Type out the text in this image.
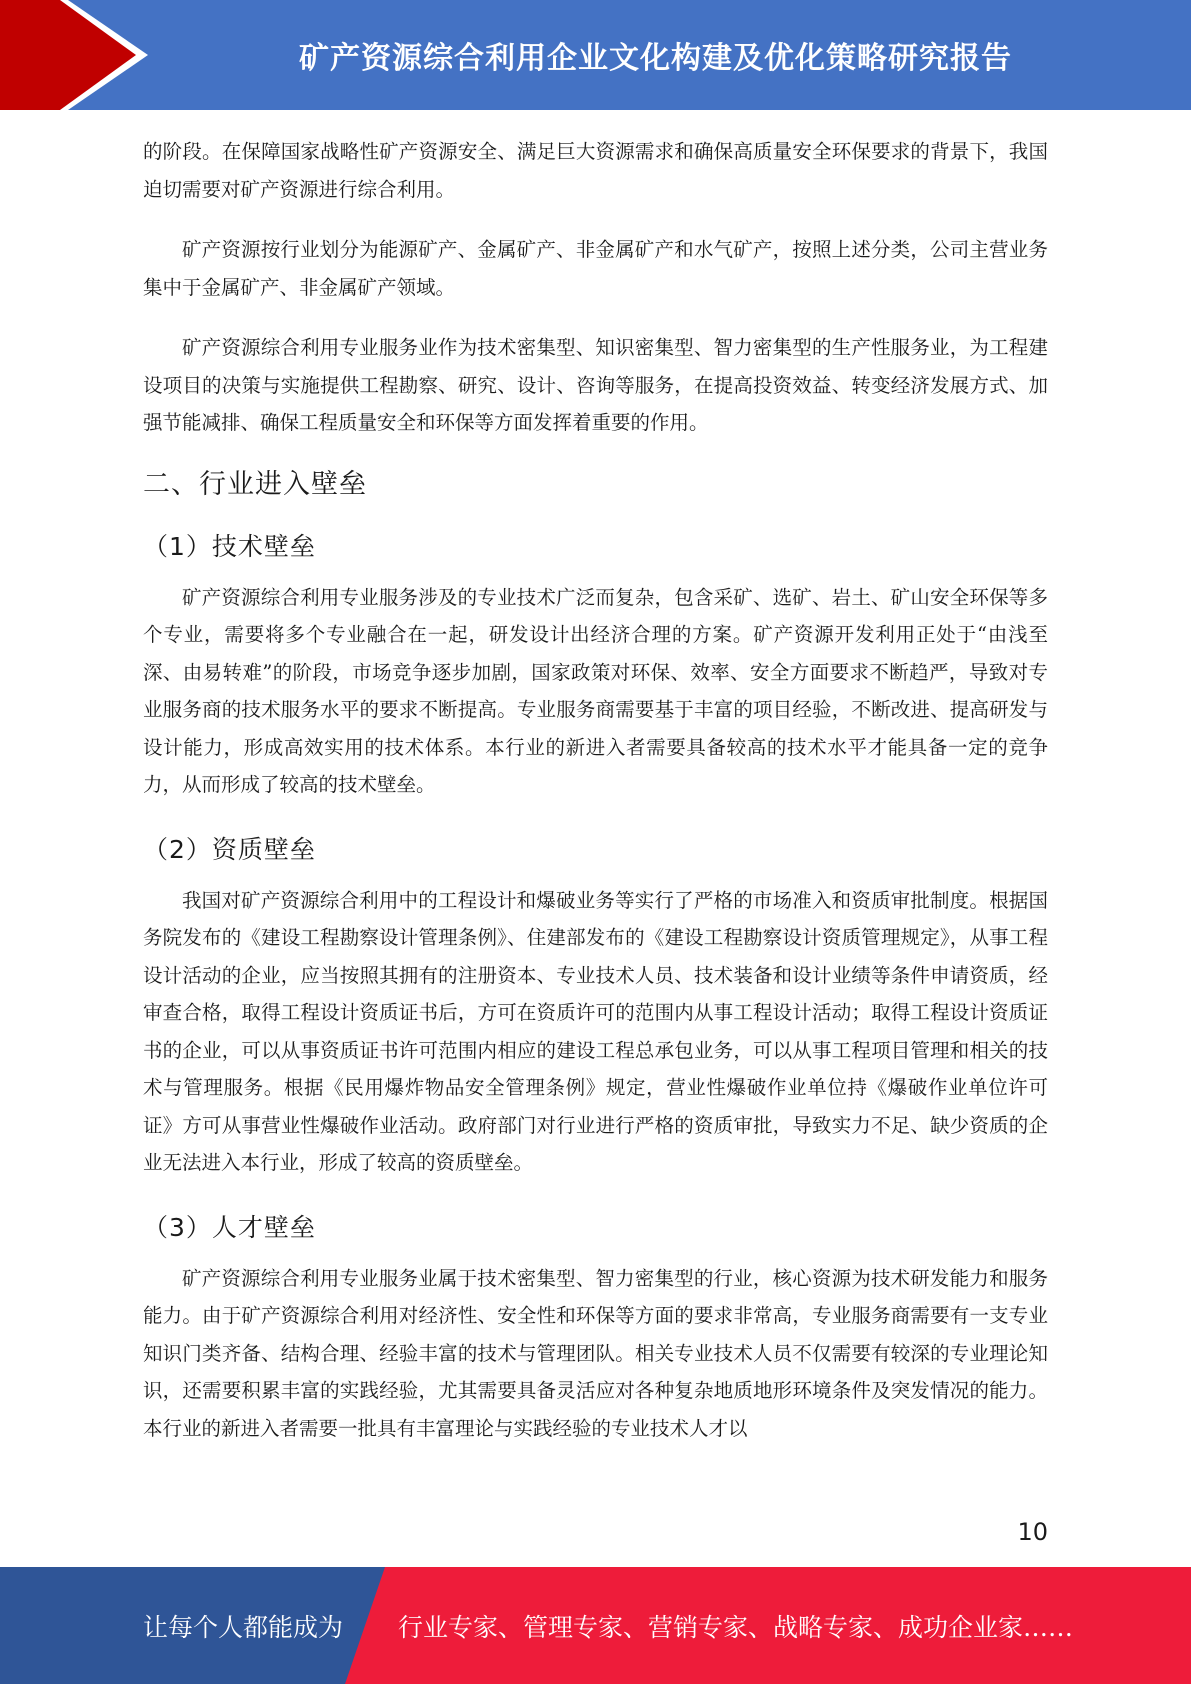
矿产资源综合利用企业文化构建及优化策略研究报告

的阶段。在保障国家战略性矿产资源安全、满足巨大资源需求和确保高质量安全环保要求的背景下，我国迫切需要对矿产资源进行综合利用。

矿产资源按行业划分为能源矿产、金属矿产、非金属矿产和水气矿产，按照上述分类，公司主营业务集中于金属矿产、非金属矿产领域。

矿产资源综合利用专业服务业作为技术密集型、知识密集型、智力密集型的生产性服务业，为工程建设项目的决策与实施提供工程勘察、研究、设计、咨询等服务，在提高投资效益、转变经济发展方式、加强节能减排、确保工程质量安全和环保等方面发挥着重要的作用。

二、行业进入壁垒
（1）技术壁垒

矿产资源综合利用专业服务涉及的专业技术广泛而复杂，包含采矿、选矿、岩土、矿山安全环保等多个专业，需要将多个专业融合在一起，研发设计出经济合理的方案。矿产资源开发利用正处于“由浅至深、由易转难”的阶段，市场竞争逐步加剧，国家政策对环保、效率、安全方面要求不断趋严，导致对专业服务商的技术服务水平的要求不断提高。专业服务商需要基于丰富的项目经验，不断改进、提高研发与设计能力，形成高效实用的技术体系。本行业的新进入者需要具备较高的技术水平才能具备一定的竞争力，从而形成了较高的技术壁垒。

（2）资质壁垒

我国对矿产资源综合利用中的工程设计和爆破业务等实行了严格的市场准入和资质审批制度。根据国务院发布的《建设工程勘察设计管理条例》、住建部发布的《建设工程勘察设计资质管理规定》，从事工程设计活动的企业，应当按照其拥有的注册资本、专业技术人员、技术装备和设计业绩等条件申请资质，经审查合格，取得工程设计资质证书后，方可在资质许可的范围内从事工程设计活动；取得工程设计资质证书的企业，可以从事资质证书许可范围内相应的建设工程总承包业务，可以从事工程项目管理和相关的技术与管理服务。根据《民用爆炸物品安全管理条例》规定，营业性爆破作业单位持《爆破作业单位许可证》方可从事营业性爆破作业活动。政府部门对行业进行严格的资质审批，导致实力不足、缺少资质的企业无法进入本行业，形成了较高的资质壁垒。

（3）人才壁垒

矿产资源综合利用专业服务业属于技术密集型、智力密集型的行业，核心资源为技术研发能力和服务能力。由于矿产资源综合利用对经济性、安全性和环保等方面的要求非常高，专业服务商需要有一支专业知识门类齐备、结构合理、经验丰富的技术与管理团队。相关专业技术人员不仅需要有较深的专业理论知识，还需要积累丰富的实践经验，尤其需要具备灵活应对各种复杂地质地形环境条件及突发情况的能力。本行业的新进入者需要一批具有丰富理论与实践经验的专业技术人才以

10
让每个人都能成为 行业专家、管理专家、营销专家、战略专家、成功企业家……
